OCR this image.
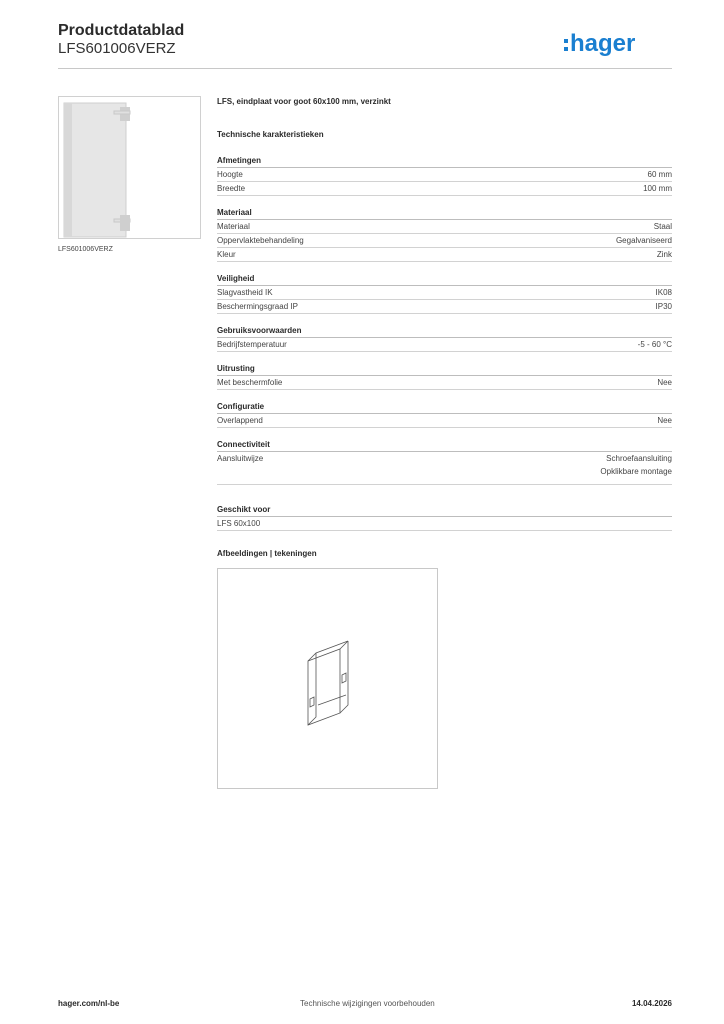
Productdatablad
LFS601006VERZ	hager
LFS601006VERZ
LFS, eindplaat voor goot 60x100 mm, verzinkt
Technische karakteristieken
Afmetingen
Hoogte	60 mm
Breedte	100 mm
Materiaal
Materiaal	Staal
Oppervlaktebehandeling	Gegalvaniseerd
Kleur	Zink
Veiligheid
Slagvastheid IK	IK08
Beschermingsgraad IP	IP30
Gebruiksvoorwaarden
Bedrijfstemperatuur	-5 - 60 °C
Uitrusting
Met beschermfolie	Nee
Configuratie
Overlappend	Nee
Connectiviteit
Aansluitwijze	Schroefaansluiting
Opklikbare montage
Geschikt voor
LFS 60x100
Afbeeldingen | tekeningen
hager.com/nl-be	Technische wijzigingen voorbehouden	14.04.2026
